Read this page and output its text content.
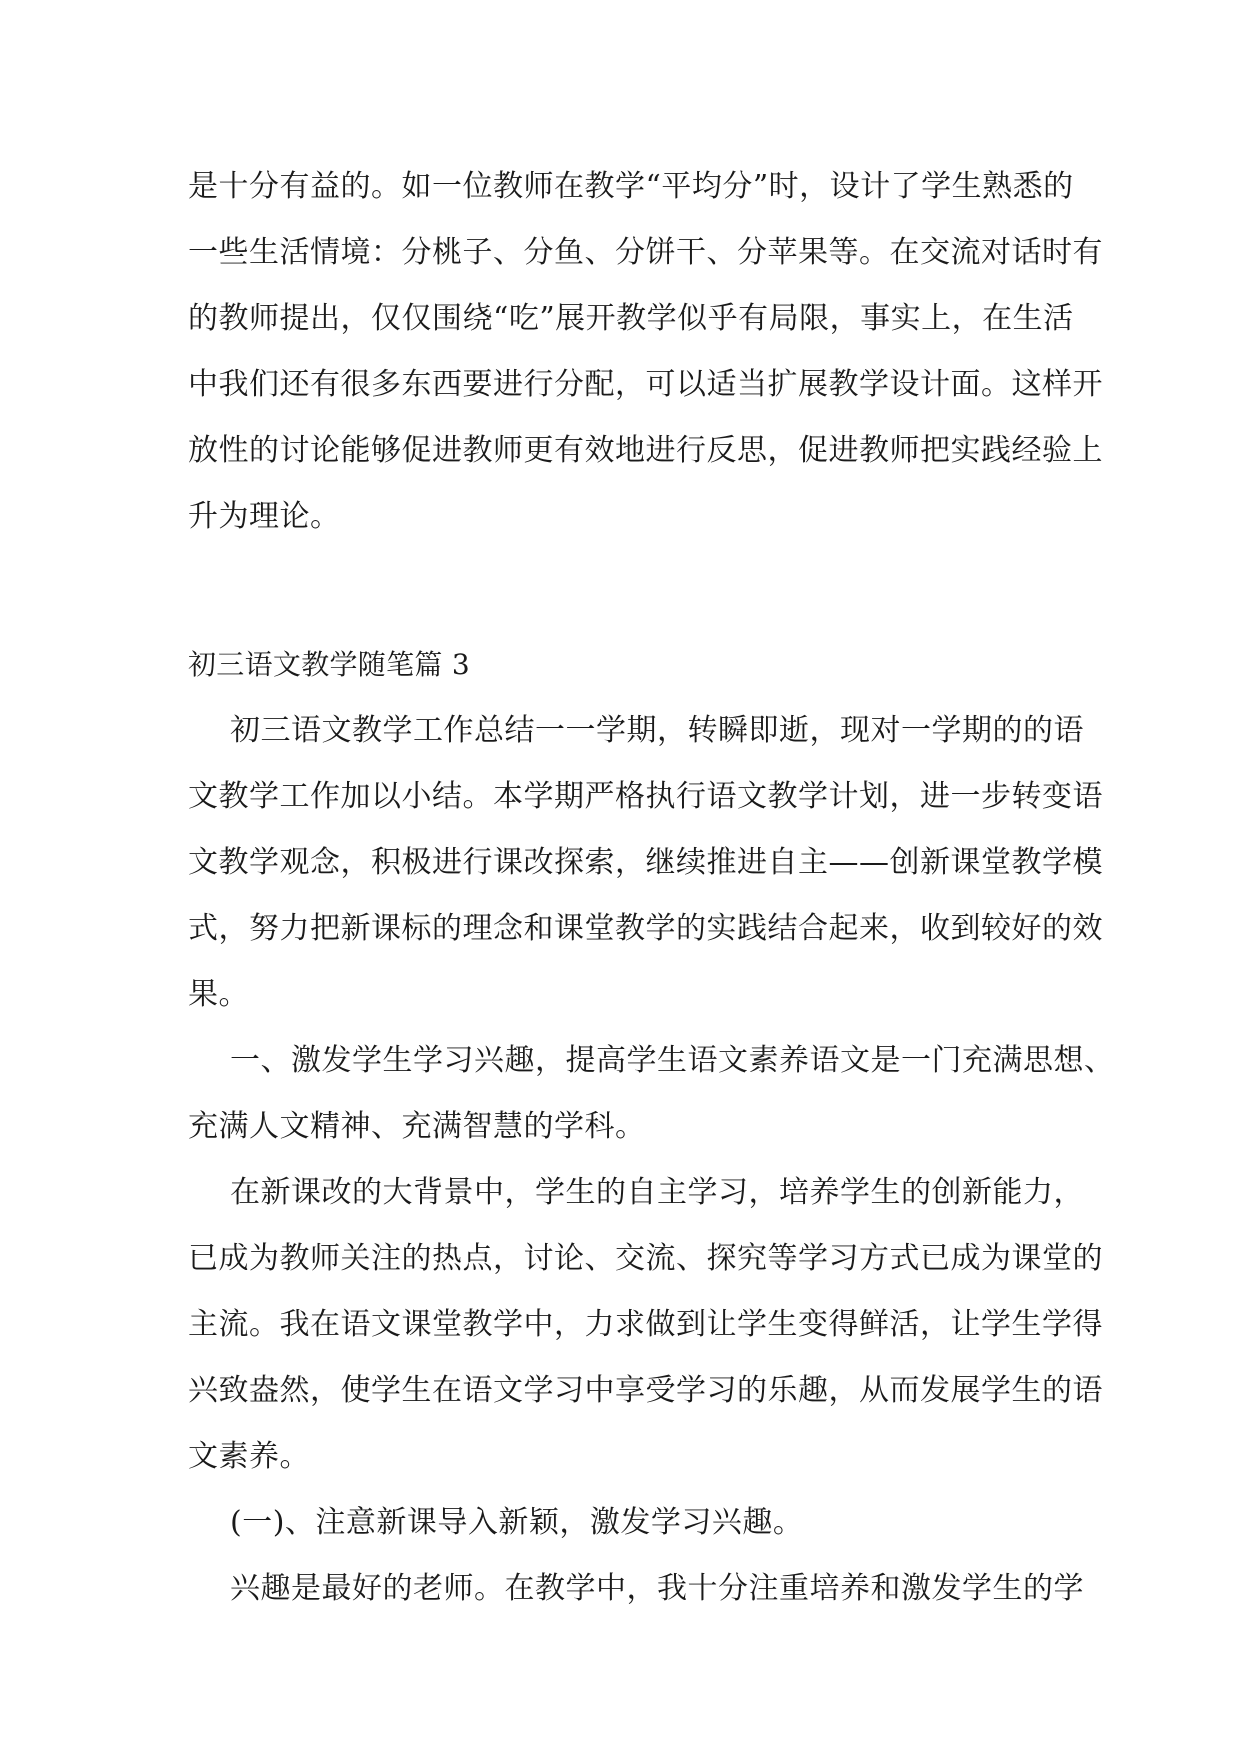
是十分有益的。如一位教师在教学“平均分”时，设计了学生熟悉的
一些生活情境：分桃子、分鱼、分饼干、分苹果等。在交流对话时有
的教师提出，仅仅围绕“吃”展开教学似乎有局限，事实上，在生活
中我们还有很多东西要进行分配，可以适当扩展教学设计面。这样开
放性的讨论能够促进教师更有效地进行反思，促进教师把实践经验上
升为理论。
初三语文教学随笔篇 3
初三语文教学工作总结一一学期，转瞬即逝，现对一学期的的语
文教学工作加以小结。本学期严格执行语文教学计划，进一步转变语
文教学观念，积极进行课改探索，继续推进自主——创新课堂教学模
式，努力把新课标的理念和课堂教学的实践结合起来，收到较好的效
果。
一、激发学生学习兴趣，提高学生语文素养语文是一门充满思想、
充满人文精神、充满智慧的学科。
在新课改的大背景中，学生的自主学习，培养学生的创新能力，
已成为教师关注的热点，讨论、交流、探究等学习方式已成为课堂的
主流。我在语文课堂教学中，力求做到让学生变得鲜活，让学生学得
兴致盎然，使学生在语文学习中享受学习的乐趣，从而发展学生的语
文素养。
(一)、注意新课导入新颖，激发学习兴趣。
兴趣是最好的老师。在教学中，我十分注重培养和激发学生的学
